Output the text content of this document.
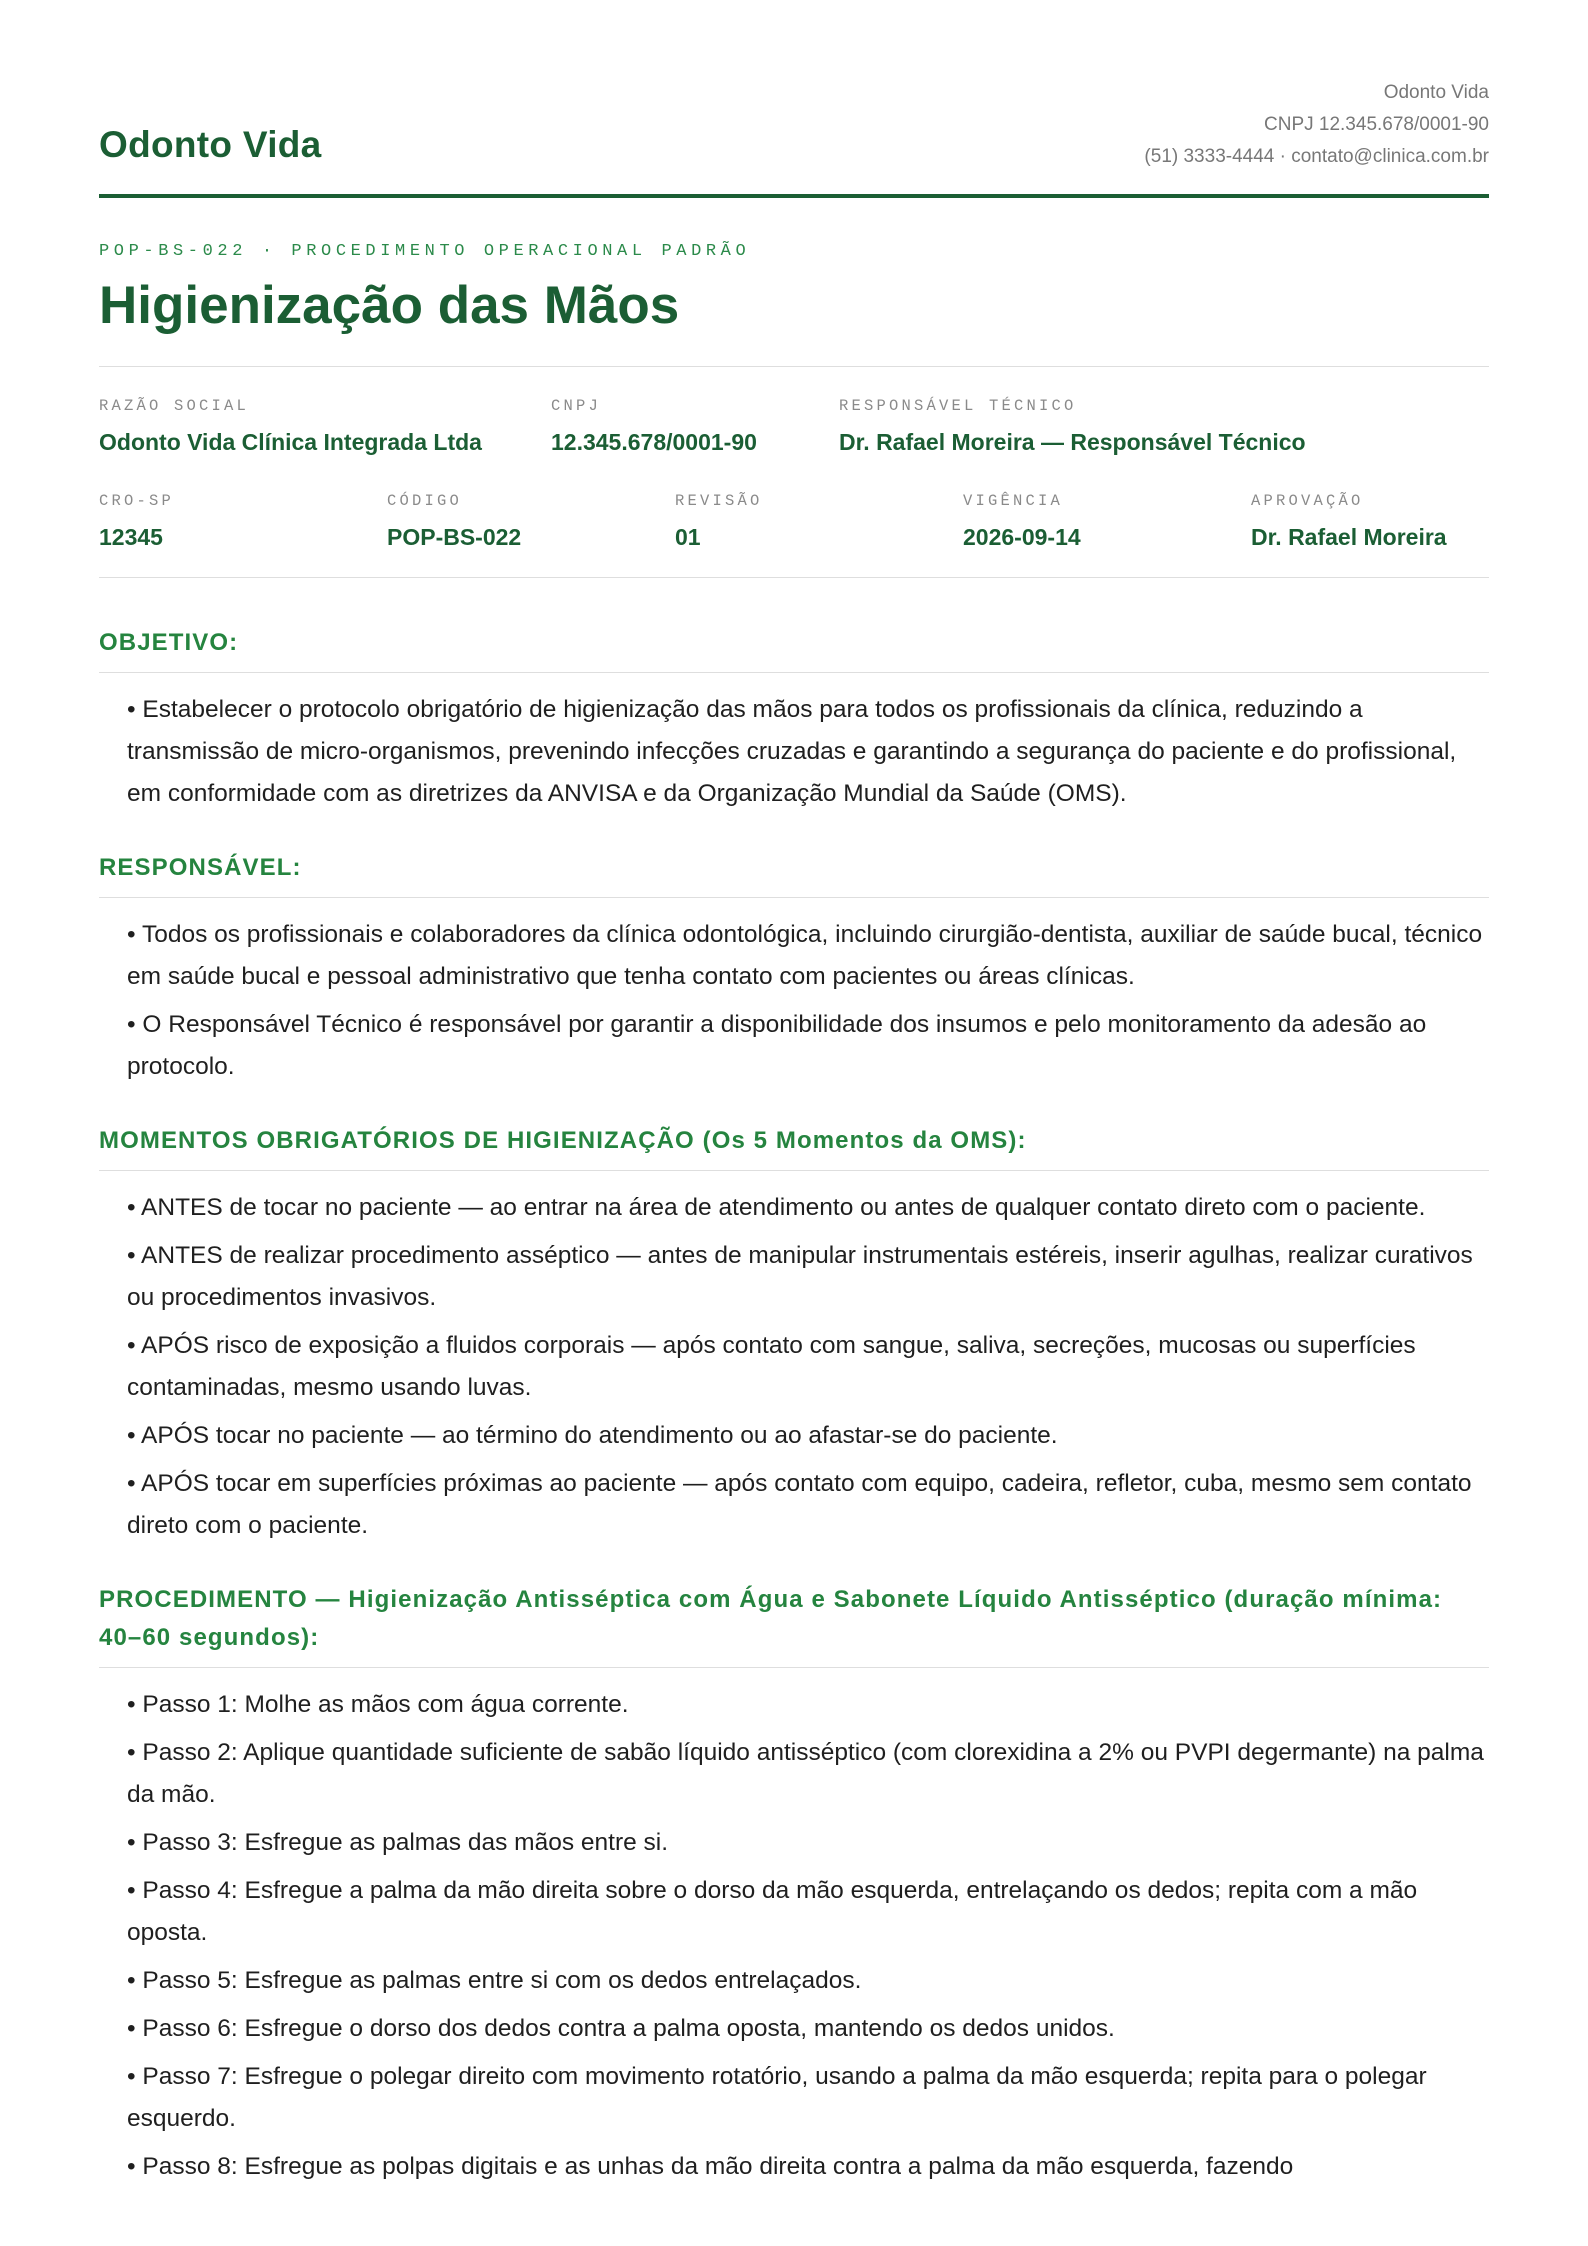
Odonto Vida
Odonto Vida
CNPJ 12.345.678/0001-90
(51) 3333-4444 · contato@clinica.com.br
POP-BS-022 · PROCEDIMENTO OPERACIONAL PADRÃO
Higienização das Mãos
RAZÃO SOCIAL
Odonto Vida Clínica Integrada Ltda
CNPJ
12.345.678/0001-90
RESPONSÁVEL TÉCNICO
Dr. Rafael Moreira — Responsável Técnico
CRO-SP
12345
CÓDIGO
POP-BS-022
REVISÃO
01
VIGÊNCIA
2026-09-14
APROVAÇÃO
Dr. Rafael Moreira
OBJETIVO:
• Estabelecer o protocolo obrigatório de higienização das mãos para todos os profissionais da clínica, reduzindo a transmissão de micro-organismos, prevenindo infecções cruzadas e garantindo a segurança do paciente e do profissional, em conformidade com as diretrizes da ANVISA e da Organização Mundial da Saúde (OMS).
RESPONSÁVEL:
• Todos os profissionais e colaboradores da clínica odontológica, incluindo cirurgião-dentista, auxiliar de saúde bucal, técnico em saúde bucal e pessoal administrativo que tenha contato com pacientes ou áreas clínicas.
• O Responsável Técnico é responsável por garantir a disponibilidade dos insumos e pelo monitoramento da adesão ao protocolo.
MOMENTOS OBRIGATÓRIOS DE HIGIENIZAÇÃO (Os 5 Momentos da OMS):
• ANTES de tocar no paciente — ao entrar na área de atendimento ou antes de qualquer contato direto com o paciente.
• ANTES de realizar procedimento asséptico — antes de manipular instrumentais estéreis, inserir agulhas, realizar curativos ou procedimentos invasivos.
• APÓS risco de exposição a fluidos corporais — após contato com sangue, saliva, secreções, mucosas ou superfícies contaminadas, mesmo usando luvas.
• APÓS tocar no paciente — ao término do atendimento ou ao afastar-se do paciente.
• APÓS tocar em superfícies próximas ao paciente — após contato com equipo, cadeira, refletor, cuba, mesmo sem contato direto com o paciente.
PROCEDIMENTO — Higienização Antisséptica com Água e Sabonete Líquido Antisséptico (duração mínima: 40–60 segundos):
• Passo 1: Molhe as mãos com água corrente.
• Passo 2: Aplique quantidade suficiente de sabão líquido antisséptico (com clorexidina a 2% ou PVPI degermante) na palma da mão.
• Passo 3: Esfregue as palmas das mãos entre si.
• Passo 4: Esfregue a palma da mão direita sobre o dorso da mão esquerda, entrelaçando os dedos; repita com a mão oposta.
• Passo 5: Esfregue as palmas entre si com os dedos entrelaçados.
• Passo 6: Esfregue o dorso dos dedos contra a palma oposta, mantendo os dedos unidos.
• Passo 7: Esfregue o polegar direito com movimento rotatório, usando a palma da mão esquerda; repita para o polegar esquerdo.
• Passo 8: Esfregue as polpas digitais e as unhas da mão direita contra a palma da mão esquerda, fazendo
